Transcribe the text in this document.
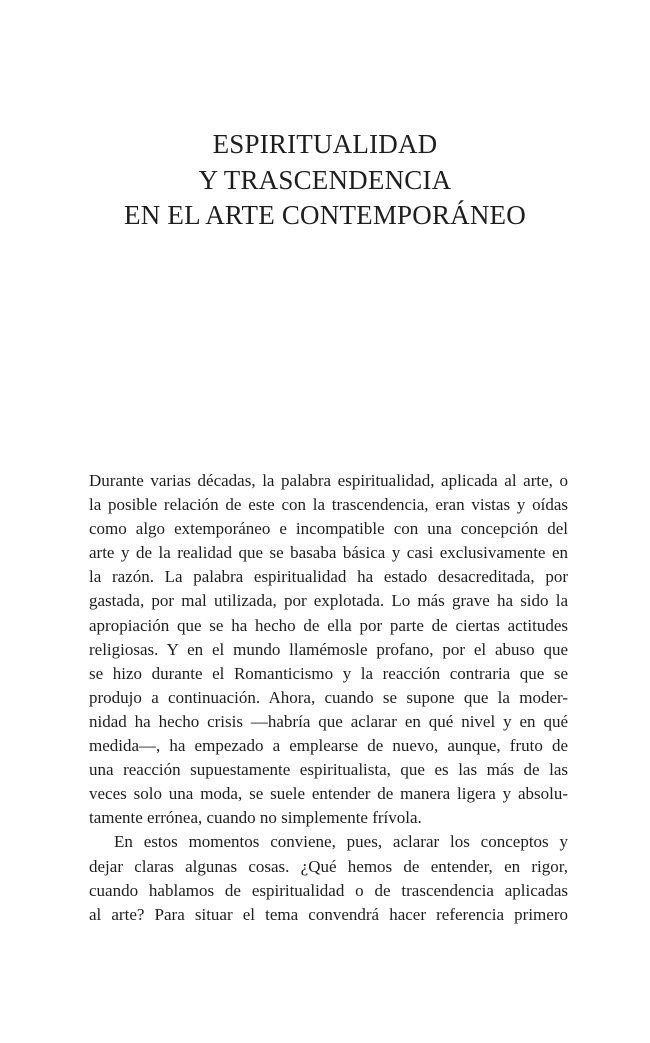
ESPIRITUALIDAD
Y TRASCENDENCIA
EN EL ARTE CONTEMPORÁNEO

Durante varias décadas, la palabra espiritualidad, aplicada al arte, o
la posible relación de este con la trascendencia, eran vistas y oídas
como algo extemporáneo e incompatible con una concepción del
arte y de la realidad que se basaba básica y casi exclusivamente en
la razón. La palabra espiritualidad ha estado desacreditada, por
gastada, por mal utilizada, por explotada. Lo más grave ha sido la
apropiación que se ha hecho de ella por parte de ciertas actitudes
religiosas. Y en el mundo llamémosle profano, por el abuso que
se hizo durante el Romanticismo y la reacción contraria que se
produjo a continuación. Ahora, cuando se supone que la moder-
nidad ha hecho crisis —habría que aclarar en qué nivel y en qué
medida—, ha empezado a emplearse de nuevo, aunque, fruto de
una reacción supuestamente espiritualista, que es las más de las
veces solo una moda, se suele entender de manera ligera y absolu-
tamente errónea, cuando no simplemente frívola.

En estos momentos conviene, pues, aclarar los conceptos y
dejar claras algunas cosas. ¿Qué hemos de entender, en rigor,
cuando hablamos de espiritualidad o de trascendencia aplicadas
al arte? Para situar el tema convendrá hacer referencia primero
